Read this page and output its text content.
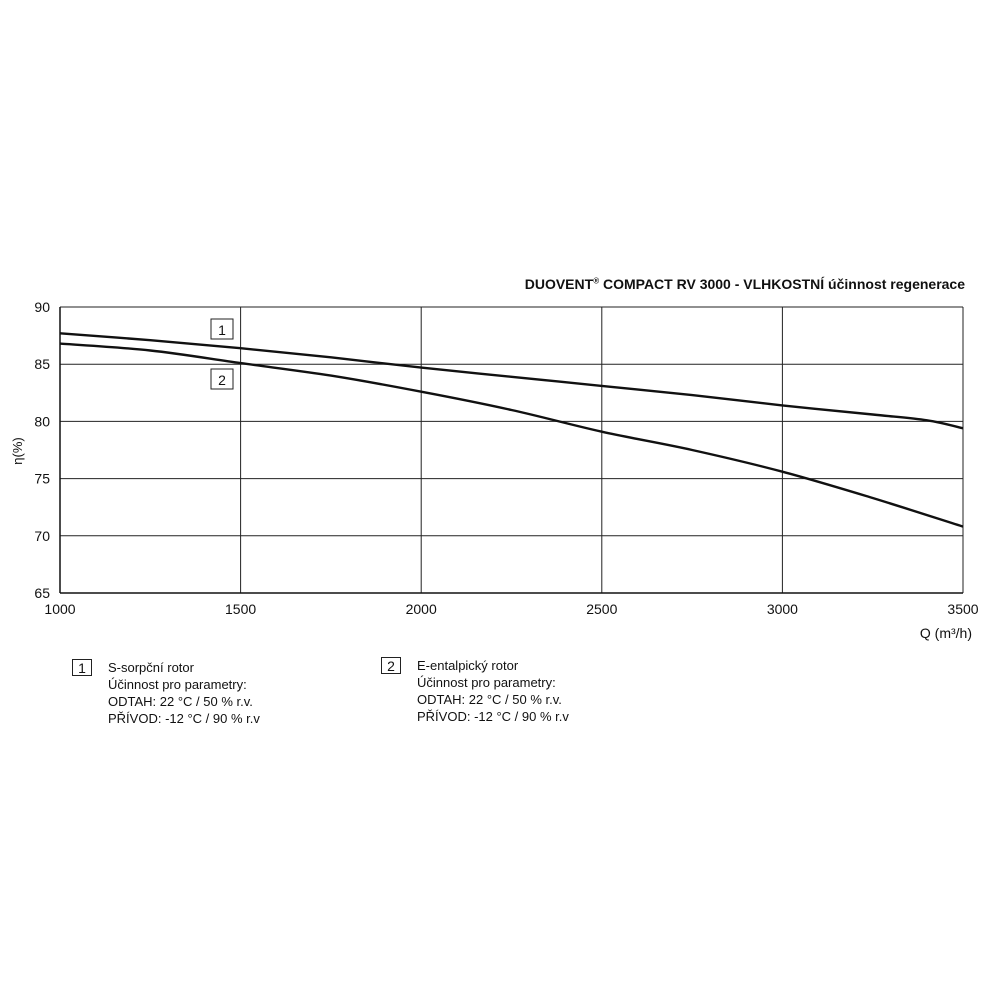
DUOVENT® COMPACT RV 3000 - VLHKOSTNÍ účinnost regenerace
65
70
75
80
85
90
1000	1500	2000	2500	3000	3500
1
2
η(%)
Q (m³/h)
1	S-sorpční rotor
Účinnost pro parametry:
ODTAH: 22 °C / 50 % r.v.
PŘÍVOD: -12 °C / 90 % r.v
2	E-entalpický rotor
Účinnost pro parametry:
ODTAH: 22 °C / 50 % r.v.
PŘÍVOD: -12 °C / 90 % r.v
